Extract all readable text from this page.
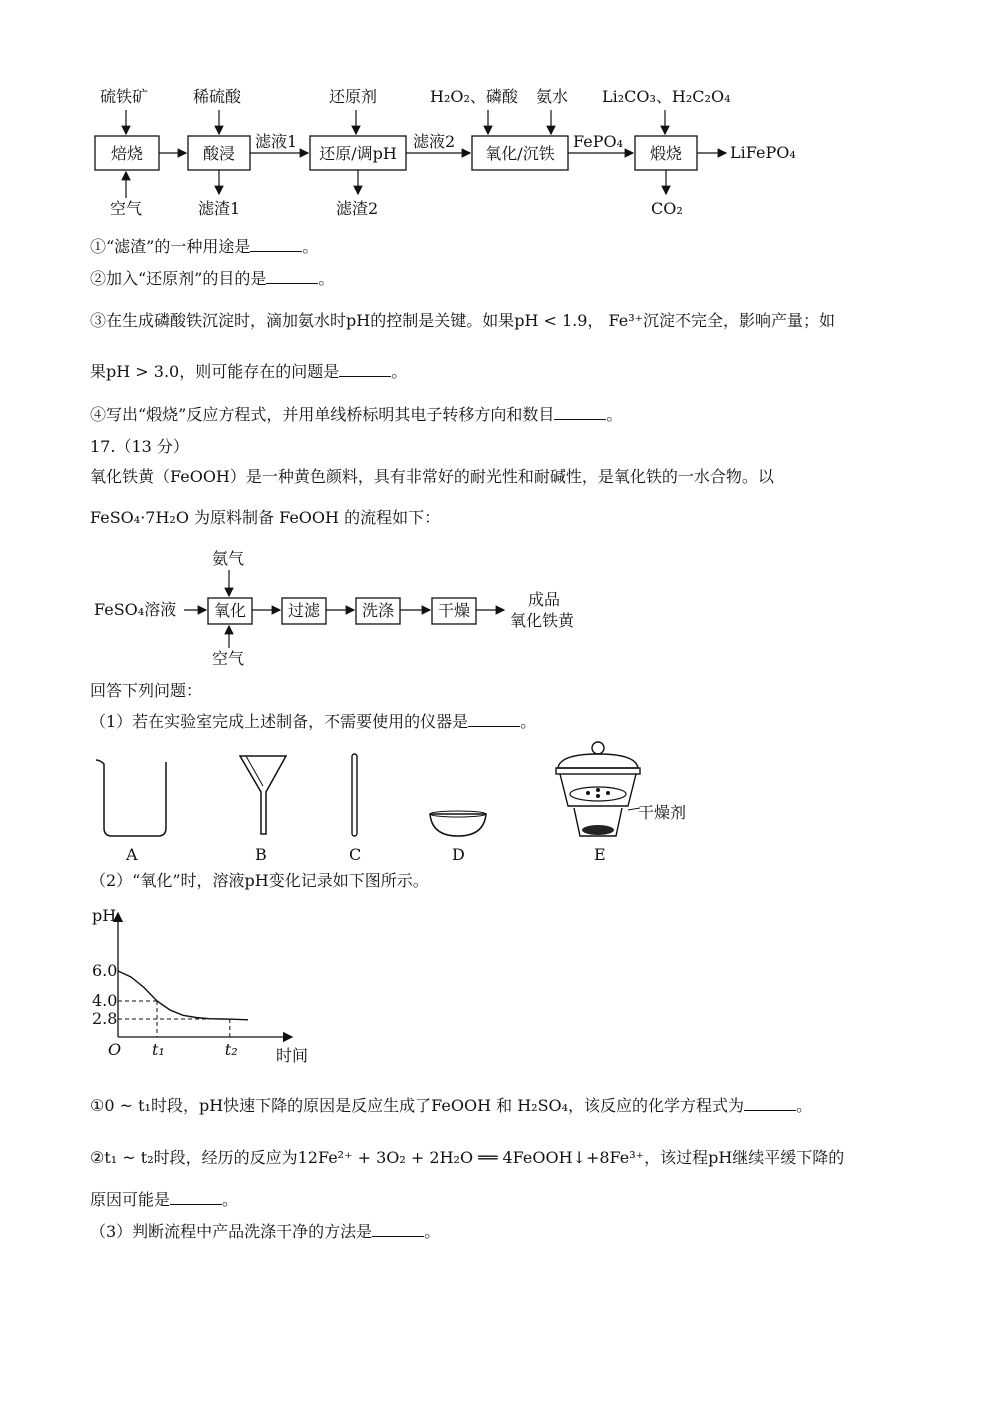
硫铁矿	稀硫酸	还原剂	H₂O₂、磷酸 氨水 Li₂CO₃、H₂C₂O₄
焙烧	酸浸	还原/调pH	氧化/沉铁	煅烧
滤液1	滤液2	FePO₄
LiFePO₄
空气	滤渣1	滤渣2	CO₂
①“滤渣”的一种用途是	。
②加入“还原剂”的目的是	。
③在生成磷酸铁沉淀时，滴加氨水时pH的控制是关键。如果pH < 1.9， Fe³⁺沉淀不完全，影响产量；如
果pH > 3.0，则可能存在的问题是	。
④写出“煅烧”反应方程式，并用单线桥标明其电子转移方向和数目	。
17.（13 分）
氧化铁黄（FeOOH）是一种黄色颜料，具有非常好的耐光性和耐碱性，是氧化铁的一水合物。以
FeSO₄·7H₂O 为原料制备 FeOOH 的流程如下：
氨气
FeSO₄溶液 氧化	过滤	洗涤	干燥
成品
氧化铁黄
空气
回答下列问题：
（1）若在实验室完成上述制备，不需要使用的仪器是	。
A	B	C	D
干燥剂
E
（2）“氧化”时，溶液pH变化记录如下图所示。
pH
时间
O
6.0
4.0
2.8
t₁	t₂
①0 ~ t₁时段，pH快速下降的原因是反应生成了FeOOH 和 H₂SO₄，该反应的化学方程式为	。
②t₁ ~ t₂时段，经历的反应为12Fe²⁺ + 3O₂ + 2H₂O ══ 4FeOOH↓+8Fe³⁺，该过程pH继续平缓下降的
原因可能是	。
（3）判断流程中产品洗涤干净的方法是	。
